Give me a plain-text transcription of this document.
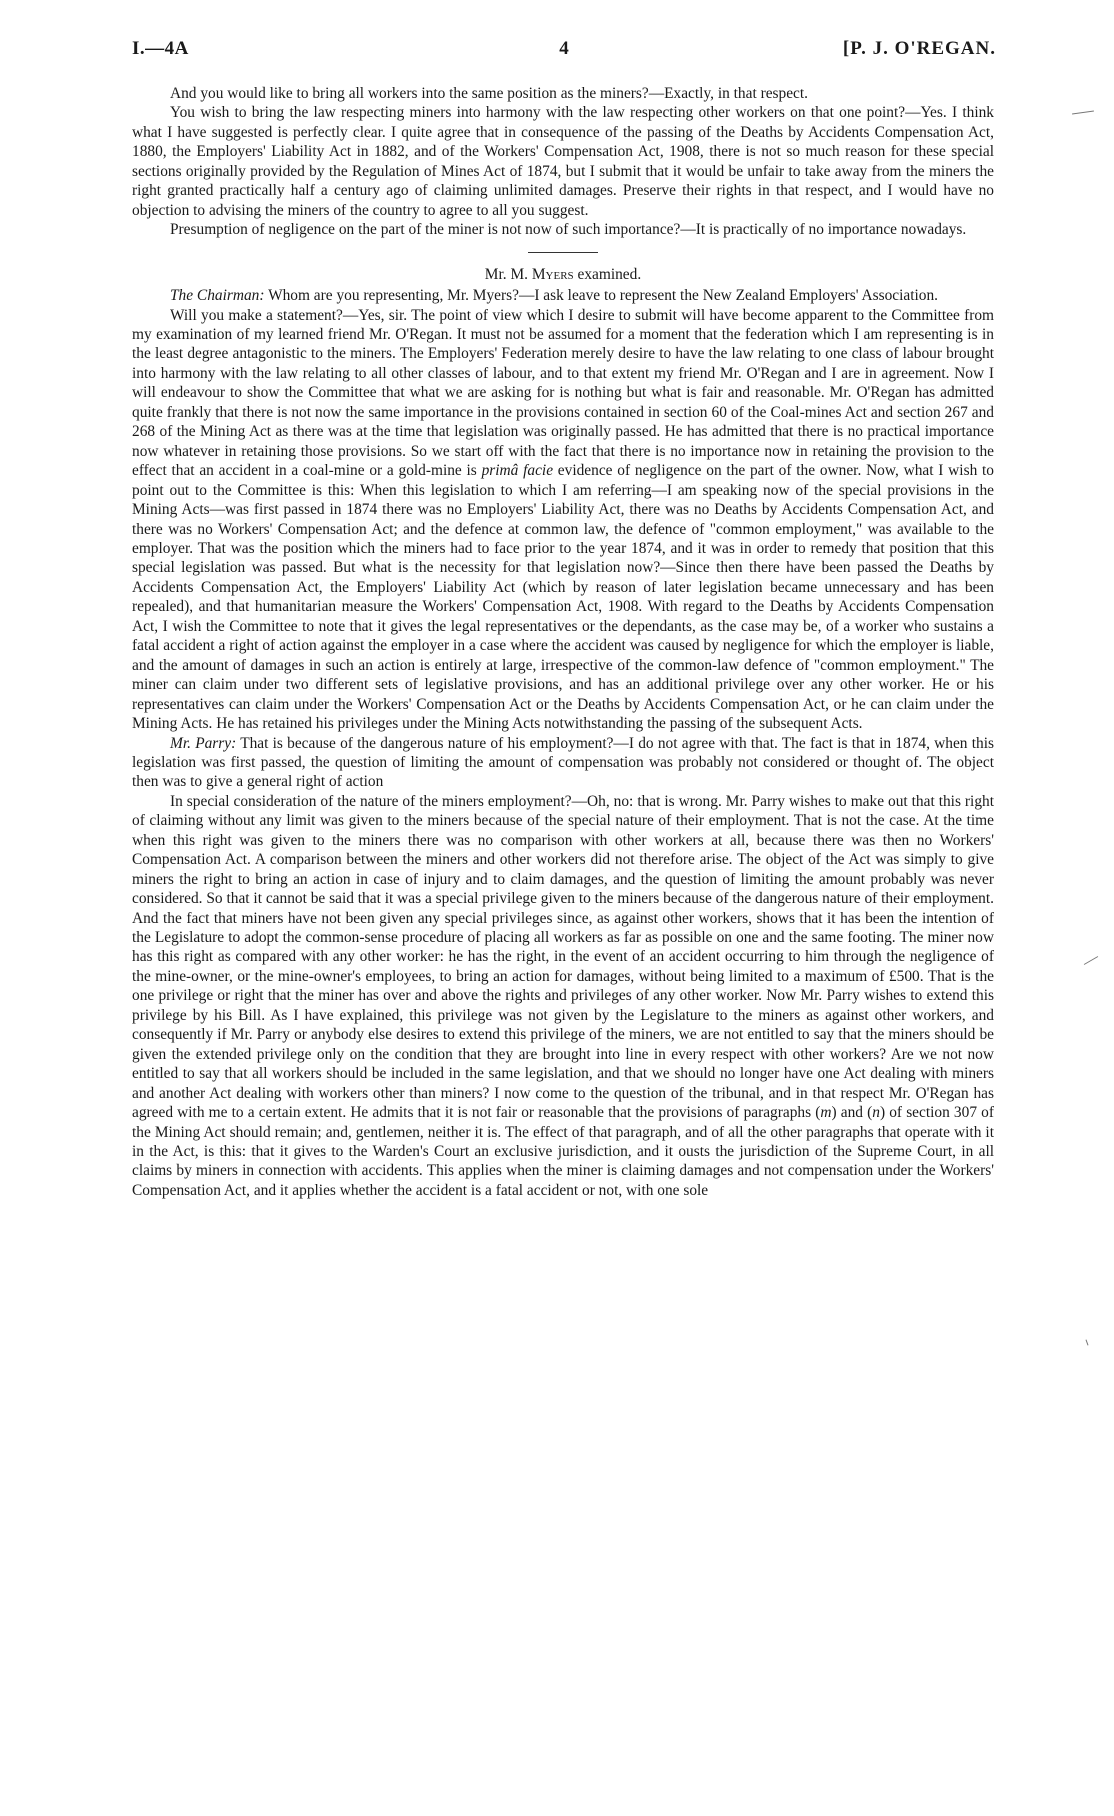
I.—4A	4	[P. J. O'REGAN.

And you would like to bring all workers into the same position as the miners?—Exactly, in that respect.

You wish to bring the law respecting miners into harmony with the law respecting other workers on that one point?—Yes. I think what I have suggested is perfectly clear. I quite agree that in consequence of the passing of the Deaths by Accidents Compensation Act, 1880, the Employers' Liability Act in 1882, and of the Workers' Compensation Act, 1908, there is not so much reason for these special sections originally provided by the Regulation of Mines Act of 1874, but I submit that it would be unfair to take away from the miners the right granted practically half a century ago of claiming unlimited damages. Preserve their rights in that respect, and I would have no objection to advising the miners of the country to agree to all you suggest.

Presumption of negligence on the part of the miner is not now of such importance?—It is practically of no importance nowadays.

Mr. M. Myers examined.

The Chairman: Whom are you representing, Mr. Myers?—I ask leave to represent the New Zealand Employers' Association.

Will you make a statement?—Yes, sir. The point of view which I desire to submit will have become apparent to the Committee from my examination of my learned friend Mr. O'Regan. It must not be assumed for a moment that the federation which I am representing is in the least degree antagonistic to the miners. The Employers' Federation merely desire to have the law relating to one class of labour brought into harmony with the law relating to all other classes of labour, and to that extent my friend Mr. O'Regan and I are in agreement. Now I will endeavour to show the Committee that what we are asking for is nothing but what is fair and reasonable. Mr. O'Regan has admitted quite frankly that there is not now the same importance in the provisions contained in section 60 of the Coal-mines Act and section 267 and 268 of the Mining Act as there was at the time that legislation was originally passed. He has admitted that there is no practical importance now whatever in retaining those provisions. So we start off with the fact that there is no importance now in retaining the provision to the effect that an accident in a coal-mine or a gold-mine is primâ facie evidence of negligence on the part of the owner. Now, what I wish to point out to the Committee is this: When this legislation to which I am referring—I am speaking now of the special provisions in the Mining Acts—was first passed in 1874 there was no Employers' Liability Act, there was no Deaths by Accidents Compensation Act, and there was no Workers' Compensation Act; and the defence at common law, the defence of "common employment," was available to the employer. That was the position which the miners had to face prior to the year 1874, and it was in order to remedy that position that this special legislation was passed. But what is the necessity for that legislation now?—Since then there have been passed the Deaths by Accidents Compensation Act, the Employers' Liability Act (which by reason of later legislation became unnecessary and has been repealed), and that humanitarian measure the Workers' Compensation Act, 1908. With regard to the Deaths by Accidents Compensation Act, I wish the Committee to note that it gives the legal representatives or the dependants, as the case may be, of a worker who sustains a fatal accident a right of action against the employer in a case where the accident was caused by negligence for which the employer is liable, and the amount of damages in such an action is entirely at large, irrespective of the common-law defence of "common employment." The miner can claim under two different sets of legislative provisions, and has an additional privilege over any other worker. He or his representatives can claim under the Workers' Compensation Act or the Deaths by Accidents Compensation Act, or he can claim under the Mining Acts. He has retained his privileges under the Mining Acts notwithstanding the passing of the subsequent Acts.

Mr. Parry: That is because of the dangerous nature of his employment?—I do not agree with that. The fact is that in 1874, when this legislation was first passed, the question of limiting the amount of compensation was probably not considered or thought of. The object then was to give a general right of action

In special consideration of the nature of the miners employment?—Oh, no: that is wrong. Mr. Parry wishes to make out that this right of claiming without any limit was given to the miners because of the special nature of their employment. That is not the case. At the time when this right was given to the miners there was no comparison with other workers at all, because there was then no Workers' Compensation Act. A comparison between the miners and other workers did not therefore arise. The object of the Act was simply to give miners the right to bring an action in case of injury and to claim damages, and the question of limiting the amount probably was never considered. So that it cannot be said that it was a special privilege given to the miners because of the dangerous nature of their employment. And the fact that miners have not been given any special privileges since, as against other workers, shows that it has been the intention of the Legislature to adopt the common-sense procedure of placing all workers as far as possible on one and the same footing. The miner now has this right as compared with any other worker: he has the right, in the event of an accident occurring to him through the negligence of the mine-owner, or the mine-owner's employees, to bring an action for damages, without being limited to a maximum of £500. That is the one privilege or right that the miner has over and above the rights and privileges of any other worker. Now Mr. Parry wishes to extend this privilege by his Bill. As I have explained, this privilege was not given by the Legislature to the miners as against other workers, and consequently if Mr. Parry or anybody else desires to extend this privilege of the miners, we are not entitled to say that the miners should be given the extended privilege only on the condition that they are brought into line in every respect with other workers? Are we not now entitled to say that all workers should be included in the same legislation, and that we should no longer have one Act dealing with miners and another Act dealing with workers other than miners? I now come to the question of the tribunal, and in that respect Mr. O'Regan has agreed with me to a certain extent. He admits that it is not fair or reasonable that the provisions of paragraphs (m) and (n) of section 307 of the Mining Act should remain; and, gentlemen, neither it is. The effect of that paragraph, and of all the other paragraphs that operate with it in the Act, is this: that it gives to the Warden's Court an exclusive jurisdiction, and it ousts the jurisdiction of the Supreme Court, in all claims by miners in connection with accidents. This applies when the miner is claiming damages and not compensation under the Workers' Compensation Act, and it applies whether the accident is a fatal accident or not, with one sole
